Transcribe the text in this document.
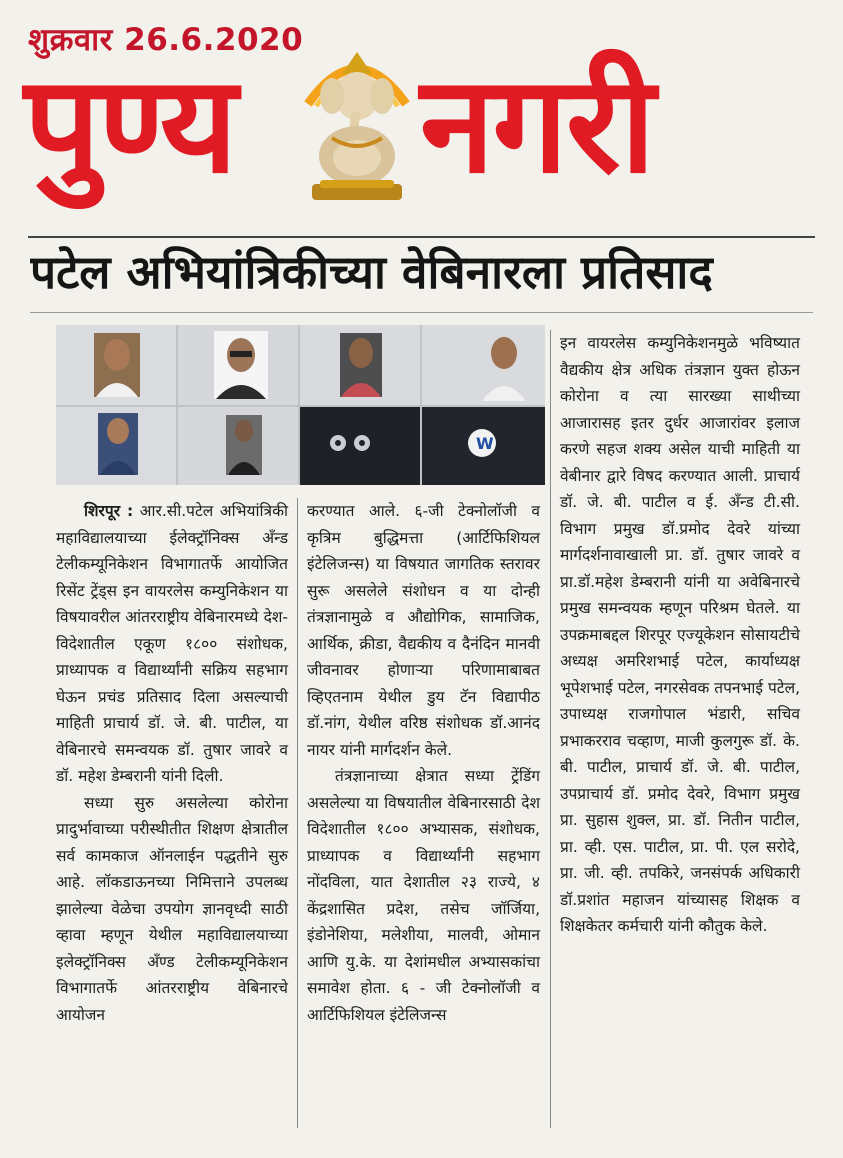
शुक्रवार 26.6.2020
पुण्य नगरी
पटेल अभियांत्रिकीच्या वेबिनारला प्रतिसाद
W

शिरपूर : आर.सी.पटेल अभियांत्रिकी महाविद्यालयाच्या ईलेक्ट्रॉनिक्स अँन्ड टेलीकम्यूनिकेशन विभागातर्फे आयोजित रिसेंट ट्रेंड्स इन वायरलेस कम्युनिकेशन या विषयावरील आंतरराष्ट्रीय वेबिनारमध्ये देश- विदेशातील एकूण १८०० संशोधक, प्राध्यापक व विद्यार्थ्यांनी सक्रिय सहभाग घेऊन प्रचंड प्रतिसाद दिला असल्याची माहिती प्राचार्य डॉ. जे. बी. पाटील, या वेबिनारचे समन्वयक डॉ. तुषार जावरे व डॉ. महेश डेम्बरानी यांनी दिली.

सध्या सुरु असलेल्या कोरोना प्रादुर्भावाच्या परीस्थीतीत शिक्षण क्षेत्रातील सर्व कामकाज ऑनलाईन पद्धतीने सुरु आहे. लॉकडाऊनच्या निमित्ताने उपलब्ध झालेल्या वेळेचा उपयोग ज्ञानवृध्दी साठी व्हावा म्हणून येथील महाविद्यालयाच्या इलेक्ट्रॉनिक्स अँण्ड टेलीकम्यूनिकेशन विभागातर्फे आंतरराष्ट्रीय वेबिनारचे आयोजन

करण्यात आले. ६-जी टेक्नोलॉजी व कृत्रिम बुद्धिमत्ता (आर्टिफिशियल इंटेलिजन्स) या विषयात जागतिक स्तरावर सुरू असलेले संशोधन व या दोन्ही तंत्रज्ञानामुळे व औद्योगिक, सामाजिक, आर्थिक, क्रीडा, वैद्यकीय व दैनंदिन मानवी जीवनावर होणाऱ्या परिणामाबाबत व्हिएतनाम येथील डुय टॅन विद्यापीठ डॉ.नांग, येथील वरिष्ठ संशोधक डॉ.आनंद नायर यांनी मार्गदर्शन केले.

तंत्रज्ञानाच्या क्षेत्रात सध्या ट्रेंडिंग असलेल्या या विषयातील वेबिनारसाठी देश विदेशातील १८०० अभ्यासक, संशोधक, प्राध्यापक व विद्यार्थ्यांनी सहभाग नोंदविला, यात देशातील २३ राज्ये, ४ केंद्रशासित प्रदेश, तसेच जॉर्जिया, इंडोनेशिया, मलेशीया, मालवी, ओमान आणि यु.के. या देशांमधील अभ्यासकांचा समावेश होता. ६ - जी टेक्नोलॉजी व आर्टिफिशियल इंटेलिजन्स

इन वायरलेस कम्युनिकेशनमुळे भविष्यात वैद्यकीय क्षेत्र अधिक तंत्रज्ञान युक्त होऊन कोरोना व त्या सारख्या साथीच्या आजारासह इतर दुर्धर आजारांवर इलाज करणे सहज शक्य असेल याची माहिती या वेबीनार द्वारे विषद करण्यात आली. प्राचार्य डॉ. जे. बी. पाटील व ई. अँन्ड टी.सी. विभाग प्रमुख डॉ.प्रमोद देवरे यांच्या मार्गदर्शनावाखाली प्रा. डॉ. तुषार जावरे व प्रा.डॉ.महेश डेम्बरानी यांनी या अवेबिनारचे प्रमुख समन्वयक म्हणून परिश्रम घेतले. या उपक्रमाबद्दल शिरपूर एज्यूकेशन सोसायटीचे अध्यक्ष अमरिशभाई पटेल, कार्याध्यक्ष भूपेशभाई पटेल, नगरसेवक तपनभाई पटेल, उपाध्यक्ष राजगोपाल भंडारी, सचिव प्रभाकरराव चव्हाण, माजी कुलगुरू डॉ. के. बी. पाटील, प्राचार्य डॉ. जे. बी. पाटील, उपप्राचार्य डॉ. प्रमोद देवरे, विभाग प्रमुख प्रा. सुहास शुक्ल, प्रा. डॉ. नितीन पाटील, प्रा. व्ही. एस. पाटील, प्रा. पी. एल सरोदे, प्रा. जी. व्ही. तपकिरे, जनसंपर्क अधिकारी डॉ.प्रशांत महाजन यांच्यासह शिक्षक व शिक्षकेतर कर्मचारी यांनी कौतुक केले.
